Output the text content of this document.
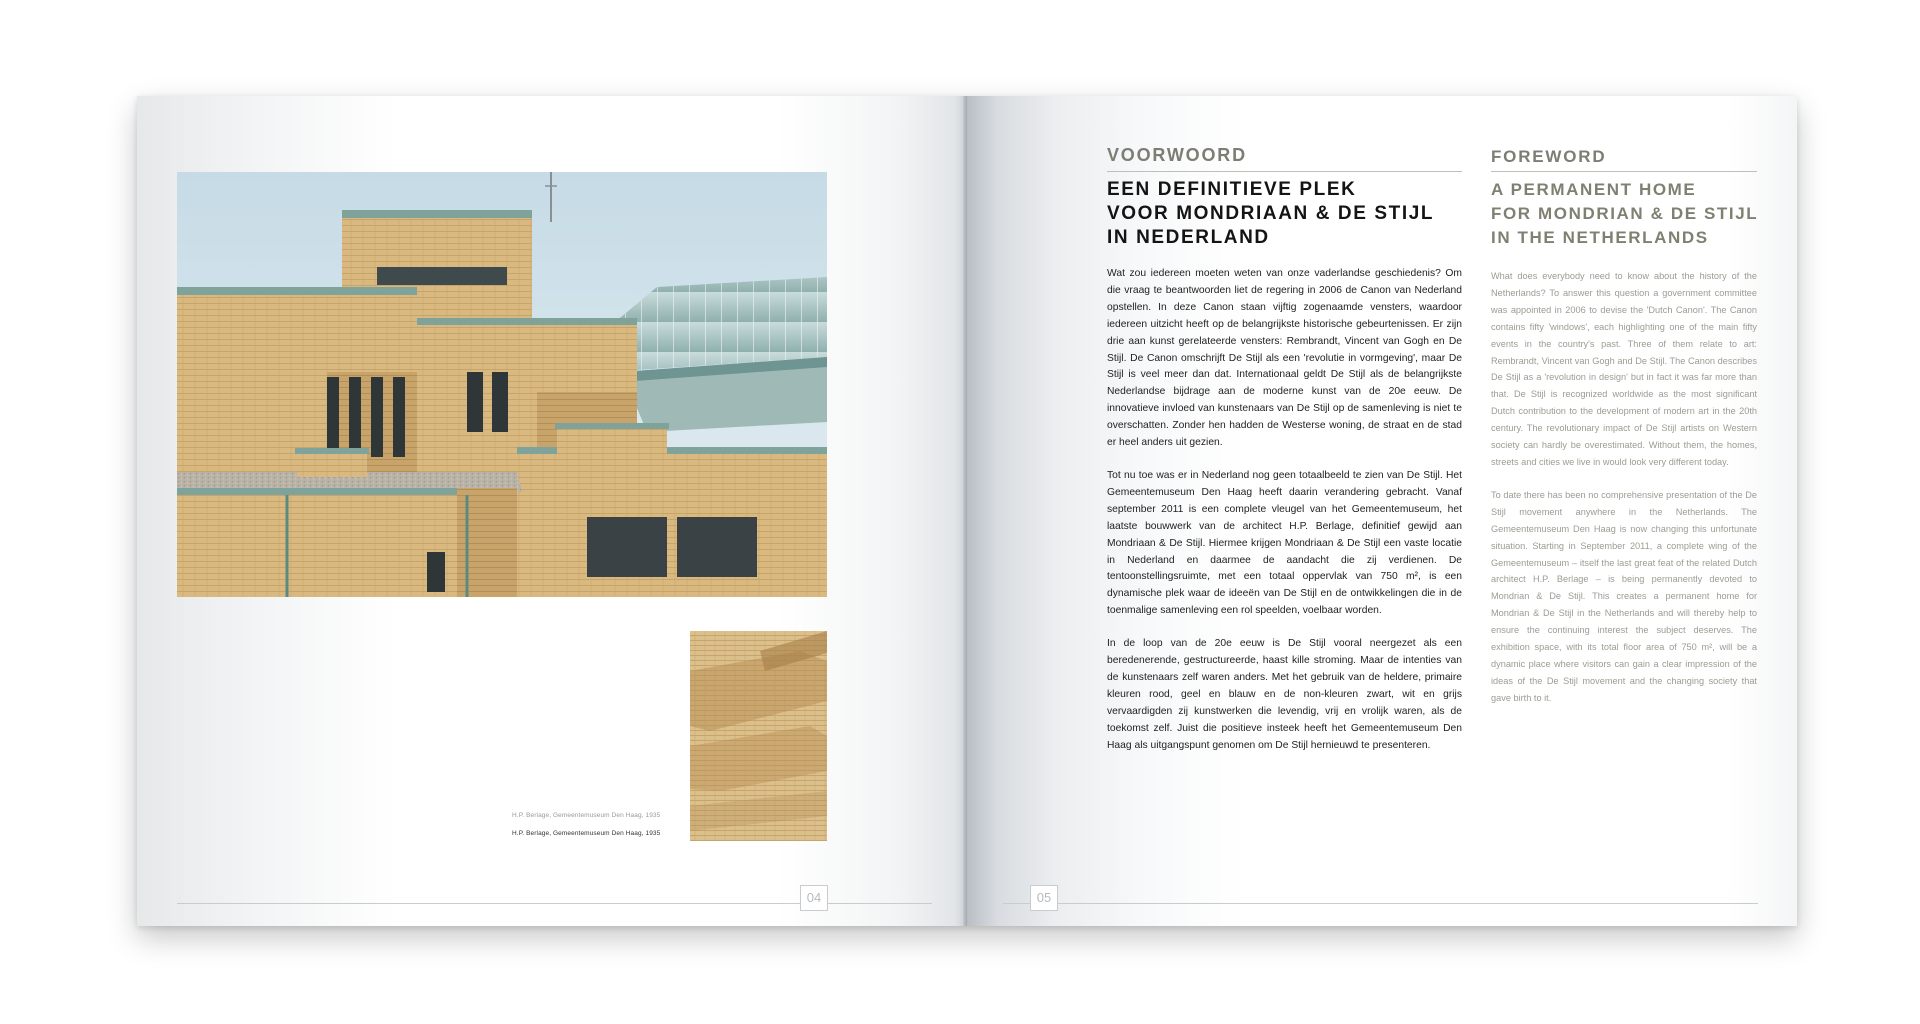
H.P. Berlage, Gemeentemuseum Den Haag, 1935
H.P. Berlage, Gemeentemuseum Den Haag, 1935
04
VOORWOORD
EEN DEFINITIEVE PLEK
VOOR MONDRIAAN & DE STIJL
IN NEDERLAND

Wat zou iedereen moeten weten van onze vaderlandse geschiedenis? Om die vraag te beantwoorden liet de regering in 2006 de Canon van Nederland opstellen. In deze Canon staan vijftig zogenaamde vensters, waardoor iedereen uitzicht heeft op de belangrijkste historische gebeurtenissen. Er zijn drie aan kunst gerelateerde vensters: Rembrandt, Vincent van Gogh en De Stijl. De Canon omschrijft De Stijl als een 'revolutie in vormgeving', maar De Stijl is veel meer dan dat. Internationaal geldt De Stijl als de belangrijkste Nederlandse bijdrage aan de moderne kunst van de 20e eeuw. De innovatieve invloed van kunstenaars van De Stijl op de samenleving is niet te overschatten. Zonder hen hadden de Westerse woning, de straat en de stad er heel anders uit gezien.

Tot nu toe was er in Nederland nog geen totaalbeeld te zien van De Stijl. Het Gemeentemuseum Den Haag heeft daarin verandering gebracht. Vanaf september 2011 is een complete vleugel van het Gemeentemuseum, het laatste bouwwerk van de architect H.P. Berlage, definitief gewijd aan Mondriaan & De Stijl. Hiermee krijgen Mondriaan & De Stijl een vaste locatie in Nederland en daarmee de aandacht die zij verdienen. De tentoonstellingsruimte, met een totaal oppervlak van 750 m², is een dynamische plek waar de ideeën van De Stijl en de ontwikkelingen die in de toenmalige samenleving een rol speelden, voelbaar worden.

In de loop van de 20e eeuw is De Stijl vooral neergezet als een beredenerende, gestructureerde, haast kille stroming. Maar de intenties van de kunstenaars zelf waren anders. Met het gebruik van de heldere, primaire kleuren rood, geel en blauw en de non-kleuren zwart, wit en grijs vervaardigden zij kunstwerken die levendig, vrij en vrolijk waren, als de toekomst zelf. Juist die positieve insteek heeft het Gemeentemuseum Den Haag als uitgangspunt genomen om De Stijl hernieuwd te presenteren.

FOREWORD
A PERMANENT HOME
FOR MONDRIAN & DE STIJL
IN THE NETHERLANDS

What does everybody need to know about the history of the Netherlands? To answer this question a government committee was appointed in 2006 to devise the 'Dutch Canon'. The Canon contains fifty 'windows', each highlighting one of the main fifty events in the country's past. Three of them relate to art: Rembrandt, Vincent van Gogh and De Stijl. The Canon describes De Stijl as a 'revolution in design' but in fact it was far more than that. De Stijl is recognized worldwide as the most significant Dutch contribution to the development of modern art in the 20th century. The revolutionary impact of De Stijl artists on Western society can hardly be overestimated. Without them, the homes, streets and cities we live in would look very different today.

To date there has been no comprehensive presentation of the De Stijl movement anywhere in the Netherlands. The Gemeentemuseum Den Haag is now changing this unfortunate situation. Starting in September 2011, a complete wing of the Gemeentemuseum – itself the last great feat of the related Dutch architect H.P. Berlage – is being permanently devoted to Mondrian & De Stijl. This creates a permanent home for Mondrian & De Stijl in the Netherlands and will thereby help to ensure the continuing interest the subject deserves. The exhibition space, with its total floor area of 750 m², will be a dynamic place where visitors can gain a clear impression of the ideas of the De Stijl movement and the changing society that gave birth to it.

05
